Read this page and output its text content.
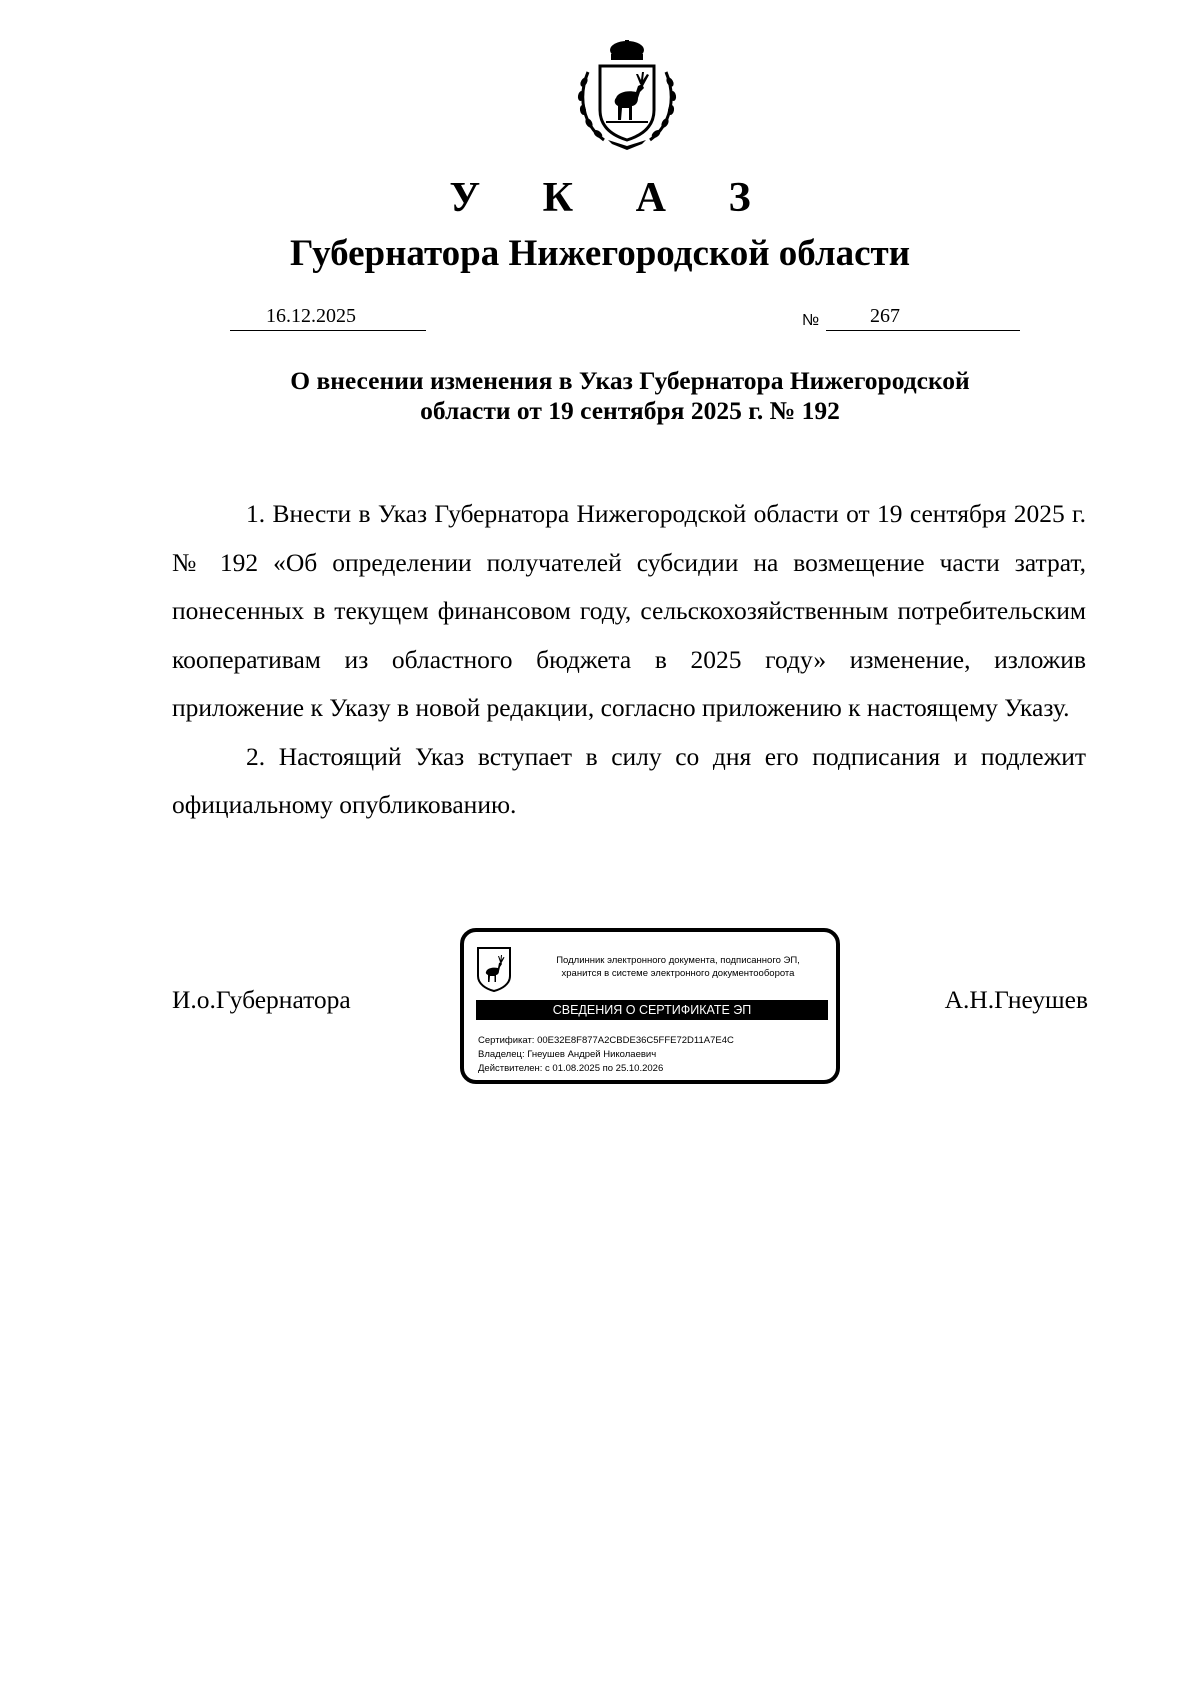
У К А З
Губернатора Нижегородской области
16.12.2025	№	267
О внесении изменения в Указ Губернатора Нижегородской
области от 19 сентября 2025 г. № 192

1. Внести в Указ Губернатора Нижегородской области от 19 сентября 2025 г. № 192 «Об определении получателей субсидии на возмещение части затрат, понесенных в текущем финансовом году, сельскохозяйственным потребительским кооперативам из областного бюджета в 2025 году» изменение, изложив приложение к Указу в новой редакции, согласно приложению к настоящему Указу.

2. Настоящий Указ вступает в силу со дня его подписания и подлежит официальному опубликованию.

И.о.Губернатора
Подлинник электронного документа, подписанного ЭП,
хранится в системе электронного документооборота
СВЕДЕНИЯ О СЕРТИФИКАТЕ ЭП
Сертификат: 00E32E8F877A2CBDE36C5FFE72D11A7E4C
Владелец: Гнеушев Андрей Николаевич
Действителен: с 01.08.2025 по 25.10.2026
А.Н.Гнеушев
